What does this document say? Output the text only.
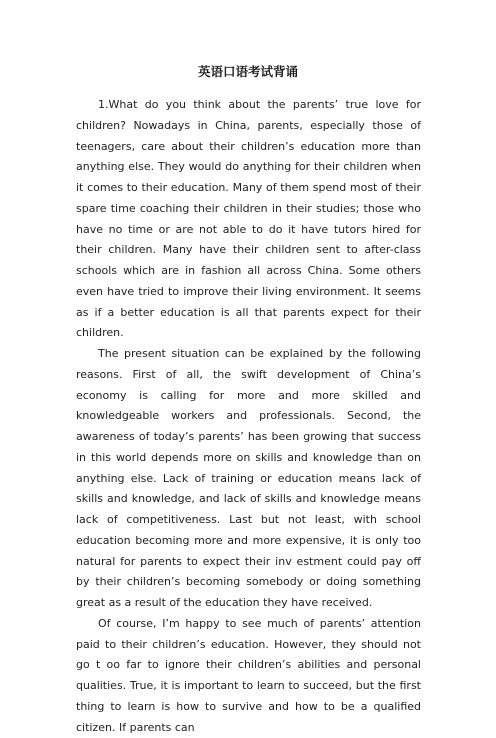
英语口语考试背诵

1.What do you think about the parents’ true love for children? Nowadays in China, parents, especially those of teenagers, care about their children’s education more than anything else. They would do anything for their children when it comes to their education. Many of them spend most of their spare time coaching their children in their studies; those who have no time or are not able to do it have tutors hired for their children. Many have their children sent to after-class schools which are in fashion all across China. Some others even have tried to improve their living environment. It seems as if a better education is all that parents expect for their children.

The present situation can be explained by the following reasons. First of all, the swift development of China’s economy is calling for more and more skilled and knowledgeable workers and professionals. Second, the awareness of today’s parents’ has been growing that success in this world depends more on skills and knowledge than on anything else. Lack of training or education means lack of skills and knowledge, and lack of skills and knowledge means lack of competitiveness. Last but not least, with school education becoming more and more expensive, it is only too natural for parents to expect their inv estment could pay off by their children’s becoming somebody or doing something great as a result of the education they have received.

Of course, I’m happy to see much of parents’ attention paid to their children’s education. However, they should not go t oo far to ignore their children’s abilities and personal qualities. True, it is important to learn to succeed, but the first thing to learn is how to survive and how to be a qualified citizen. If parents can
